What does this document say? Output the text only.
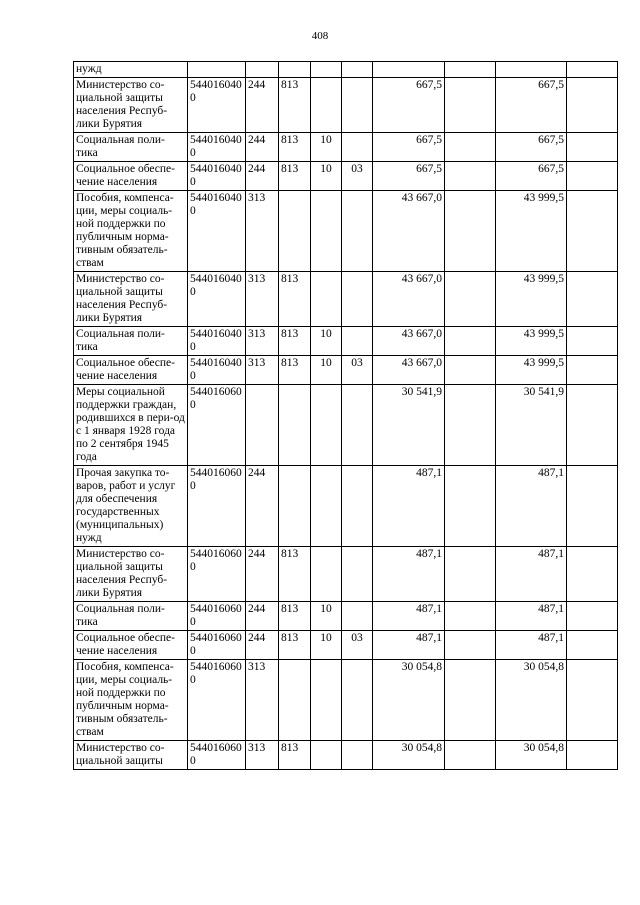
408
нужд									
Министерство со-циальной защиты населения Респуб-лики Бурятия	5440160400	244	813			667,5		667,5	
Социальная поли-тика	5440160400	244	813	10		667,5		667,5	
Социальное обеспе-чение населения	5440160400	244	813	10	03	667,5		667,5	
Пособия, компенса-ции, меры социаль-ной поддержки по публичным норма-тивным обязатель-ствам	5440160400	313				43 667,0		43 999,5	
Министерство со-циальной защиты населения Респуб-лики Бурятия	5440160400	313	813			43 667,0		43 999,5	
Социальная поли-тика	5440160400	313	813	10		43 667,0		43 999,5	
Социальное обеспе-чение населения	5440160400	313	813	10	03	43 667,0		43 999,5	
Меры социальной поддержки граждан, родившихся в пери-од с 1 января 1928 года по 2 сентября 1945 года	5440160600					30 541,9		30 541,9	
Прочая закупка то-варов, работ и услуг для обеспечения государственных (муниципальных) нужд	5440160600	244				487,1		487,1	
Министерство со-циальной защиты населения Респуб-лики Бурятия	5440160600	244	813			487,1		487,1	
Социальная поли-тика	5440160600	244	813	10		487,1		487,1	
Социальное обеспе-чение населения	5440160600	244	813	10	03	487,1		487,1	
Пособия, компенса-ции, меры социаль-ной поддержки по публичным норма-тивным обязатель-ствам	5440160600	313				30 054,8		30 054,8	
Министерство со-циальной защиты	5440160600	313	813			30 054,8		30 054,8	
